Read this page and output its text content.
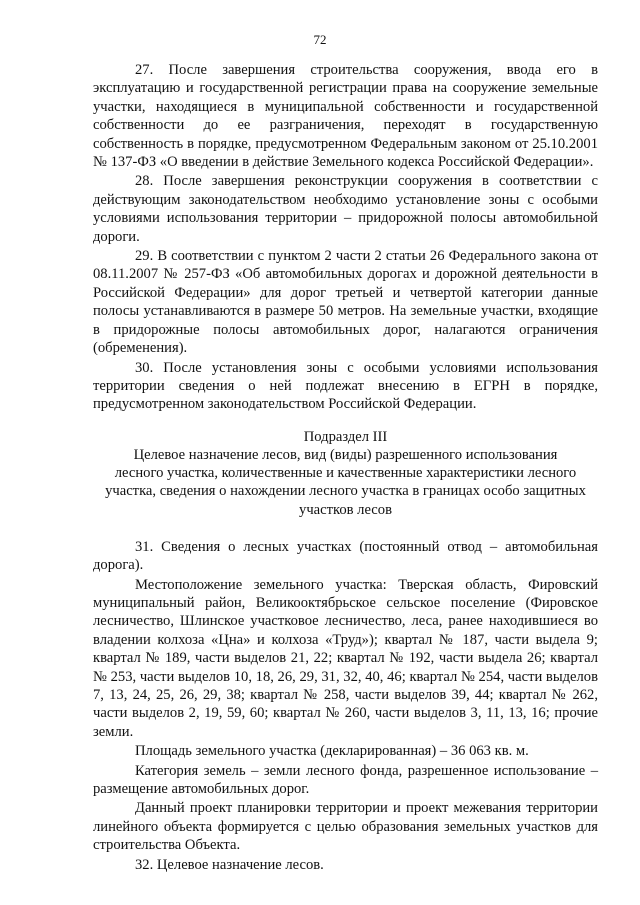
72

27. После завершения строительства сооружения, ввода его в эксплуатацию и государственной регистрации права на сооружение земельные участки, находящиеся в муниципальной собственности и государственной собственности до ее разграничения, переходят в государственную собственность в порядке, предусмотренном Федеральным законом от 25.10.2001 № 137-ФЗ «О введении в действие Земельного кодекса Российской Федерации».

28. После завершения реконструкции сооружения в соответствии с действующим законодательством необходимо установление зоны с особыми условиями использования территории – придорожной полосы автомобильной дороги.

29. В соответствии с пунктом 2 части 2 статьи 26 Федерального закона от 08.11.2007 № 257-ФЗ «Об автомобильных дорогах и дорожной деятельности в Российской Федерации» для дорог третьей и четвертой категории данные полосы устанавливаются в размере 50 метров. На земельные участки, входящие в придорожные полосы автомобильных дорог, налагаются ограничения (обременения).

30. После установления зоны с особыми условиями использования территории сведения о ней подлежат внесению в ЕГРН в порядке, предусмотренном законодательством Российской Федерации.

Подраздел III
Целевое назначение лесов, вид (виды) разрешенного использования
лесного участка, количественные и качественные характеристики лесного
участка, сведения о нахождении лесного участка в границах особо защитных
участков лесов

31. Сведения о лесных участках (постоянный отвод – автомобильная дорога).

Местоположение земельного участка: Тверская область, Фировский муниципальный район, Великооктябрьское сельское поселение (Фировское лесничество, Шлинское участковое лесничество, леса, ранее находившиеся во владении колхоза «Цна» и колхоза «Труд»); квартал № 187, части выдела 9; квартал № 189, части выделов 21, 22; квартал № 192, части выдела 26; квартал № 253, части выделов 10, 18, 26, 29, 31, 32, 40, 46; квартал № 254, части выделов 7, 13, 24, 25, 26, 29, 38; квартал № 258, части выделов 39, 44; квартал № 262, части выделов 2, 19, 59, 60; квартал № 260, части выделов 3, 11, 13, 16; прочие земли.

Площадь земельного участка (декларированная) – 36 063 кв. м.

Категория земель – земли лесного фонда, разрешенное использование – размещение автомобильных дорог.

Данный проект планировки территории и проект межевания территории линейного объекта формируется с целью образования земельных участков для строительства Объекта.

32. Целевое назначение лесов.
